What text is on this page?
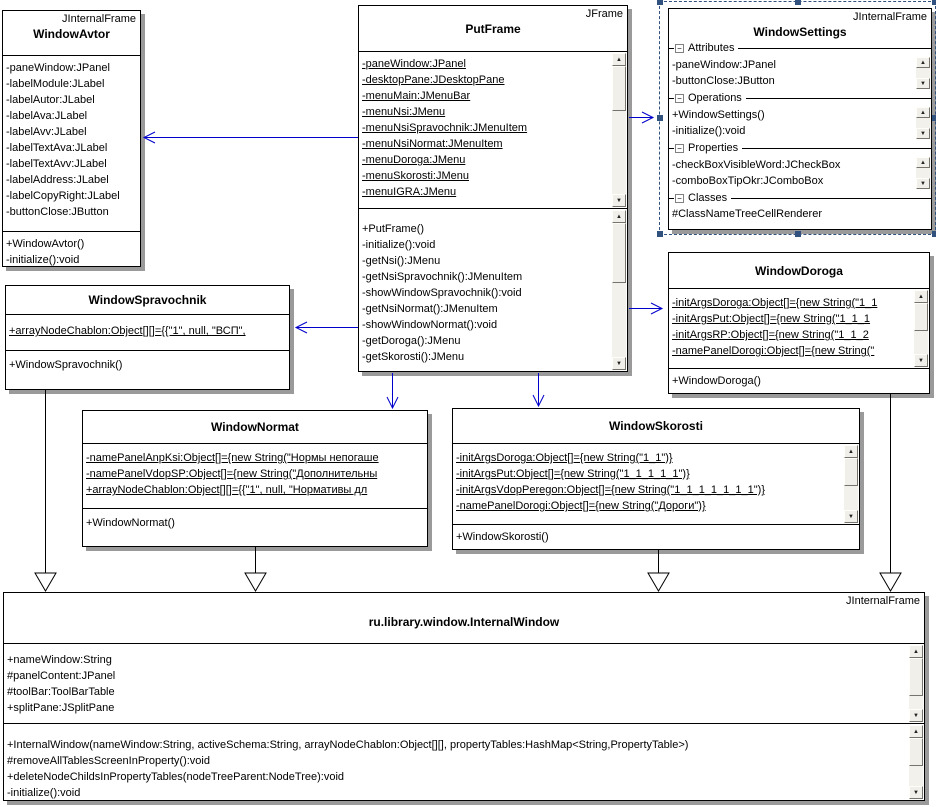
JInternalFrame
WindowAvtor
-paneWindow:JPanel
-labelModule:JLabel
-labelAutor:JLabel
-labelAva:JLabel
-labelAvv:JLabel
-labelTextAva:JLabel
-labelTextAvv:JLabel
-labelAddress:JLabel
-labelCopyRight:JLabel
-buttonClose:JButton
+WindowAvtor()
-initialize():void
JFrame
PutFrame
-paneWindow:JPanel
-desktopPane:JDesktopPane
-menuMain:JMenuBar
-menuNsi:JMenu
-menuNsiSpravochnik:JMenuItem
-menuNsiNormat:JMenuItem
-menuDoroga:JMenu
-menuSkorosti:JMenu
-menuIGRA:JMenu
▲
▼
+PutFrame()
-initialize():void
-getNsi():JMenu
-getNsiSpravochnik():JMenuItem
-showWindowSpravochnik():void
-getNsiNormat():JMenuItem
-showWindowNormat():void
-getDoroga():JMenu
-getSkorosti():JMenu
▲
▼
JInternalFrame
WindowSettings
− Attributes
-paneWindow:JPanel
-buttonClose:JButton
▲
▼
− Operations
+WindowSettings()
-initialize():void
▲
▼
− Properties
-checkBoxVisibleWord:JCheckBox
-comboBoxTipOkr:JComboBox
▲
▼
− Classes
#ClassNameTreeCellRenderer
WindowSpravochnik
+arrayNodeChablon:Object[][]={{"1", null, "ВСП",
+WindowSpravochnik()
WindowDoroga
-initArgsDoroga:Object[]={new String("1_1
-initArgsPut:Object[]={new String("1_1_1
-initArgsRP:Object[]={new String("1_1_2
-namePanelDorogi:Object[]={new String("
▲
▼
+WindowDoroga()
WindowNormat
-namePanelAnpKsi:Object[]={new String("Нормы непогаше
-namePanelVdopSP:Object[]={new String("Дополнительны
+arrayNodeChablon:Object[][]={{"1", null, "Нормативы дл
+WindowNormat()
WindowSkorosti
-initArgsDoroga:Object[]={new String("1_1")}
-initArgsPut:Object[]={new String("1_1_1_1_1")}
-initArgsVdopPeregon:Object[]={new String("1_1_1_1_1_1_1")}
-namePanelDorogi:Object[]={new String("Дороги")}
▲
▼
+WindowSkorosti()
JInternalFrame
ru.library.window.InternalWindow
+nameWindow:String
#panelContent:JPanel
#toolBar:ToolBarTable
+splitPane:JSplitPane
▲
▼
+InternalWindow(nameWindow:String, activeSchema:String, arrayNodeChablon:Object[][], propertyTables:HashMap<String,PropertyTable>)
#removeAllTablesScreenInProperty():void
+deleteNodeChildsInPropertyTables(nodeTreeParent:NodeTree):void
-initialize():void
▲
▼
